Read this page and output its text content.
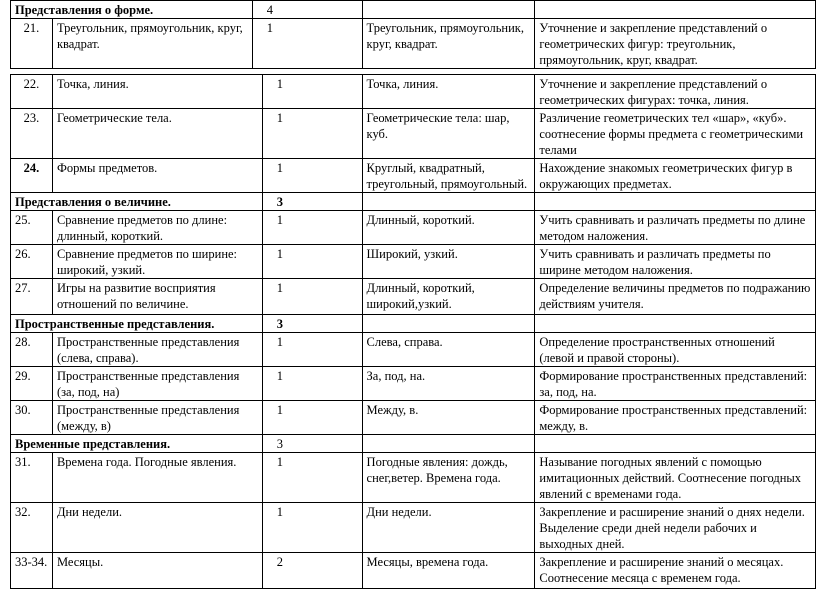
Представления о форме.		4		
21.	Треугольник, прямоугольник, круг, квадрат.	1	Треугольник, прямоугольник, круг, квадрат.	Уточнение и закрепление представлений о геометрических фигур: треугольник, прямоугольник, круг, квадрат.
22.	Точка, линия.	1	Точка, линия.	Уточнение и закрепление представлений о геометрических фигурах: точка, линия.
23.	Геометрические тела.	1	Геометрические тела: шар, куб.	Различение геометрических тел «шар», «куб». соотнесение формы предмета с геометрическими телами
24.	Формы предметов.	1	Круглый, квадратный, треугольный, прямоугольный.	Нахождение знакомых геометрических фигур в окружающих предметах.
Представления о величине.		3		
25.	Сравнение предметов по длине: длинный, короткий.	1	Длинный, короткий.	Учить сравнивать и различать предметы по длине методом наложения.
26.	Сравнение предметов по ширине: широкий, узкий.	1	Широкий, узкий.	Учить сравнивать и различать предметы по ширине методом наложения.
27.	Игры на развитие восприятия отношений по величине.	1	Длинный, короткий, широкий,узкий.	Определение величины предметов по подражанию действиям учителя.
Пространственные представления.		3		
28.	Пространственные представления (слева, справа).	1	Слева, справа.	Определение пространственных отношений (левой и правой стороны).
29.	Пространственные представления (за, под, на)	1	За, под, на.	Формирование пространственных представлений: за, под, на.
30.	Пространственные представления (между, в)	1	Между, в.	Формирование пространственных представлений: между, в.
Временные представления.		3		
31.	Времена года. Погодные явления.	1	Погодные явления: дождь, снег,ветер. Времена года.	Называние погодных явлений с помощью имитационных действий. Соотнесение погодных явлений с временами года.
32.	Дни недели.	1	Дни недели.	Закрепление и расширение знаний о днях недели. Выделение среди дней недели рабочих и выходных дней.
33-34.	Месяцы.	2	Месяцы, времена года.	Закрепление и расширение знаний о месяцах. Соотнесение месяца с временем года.
